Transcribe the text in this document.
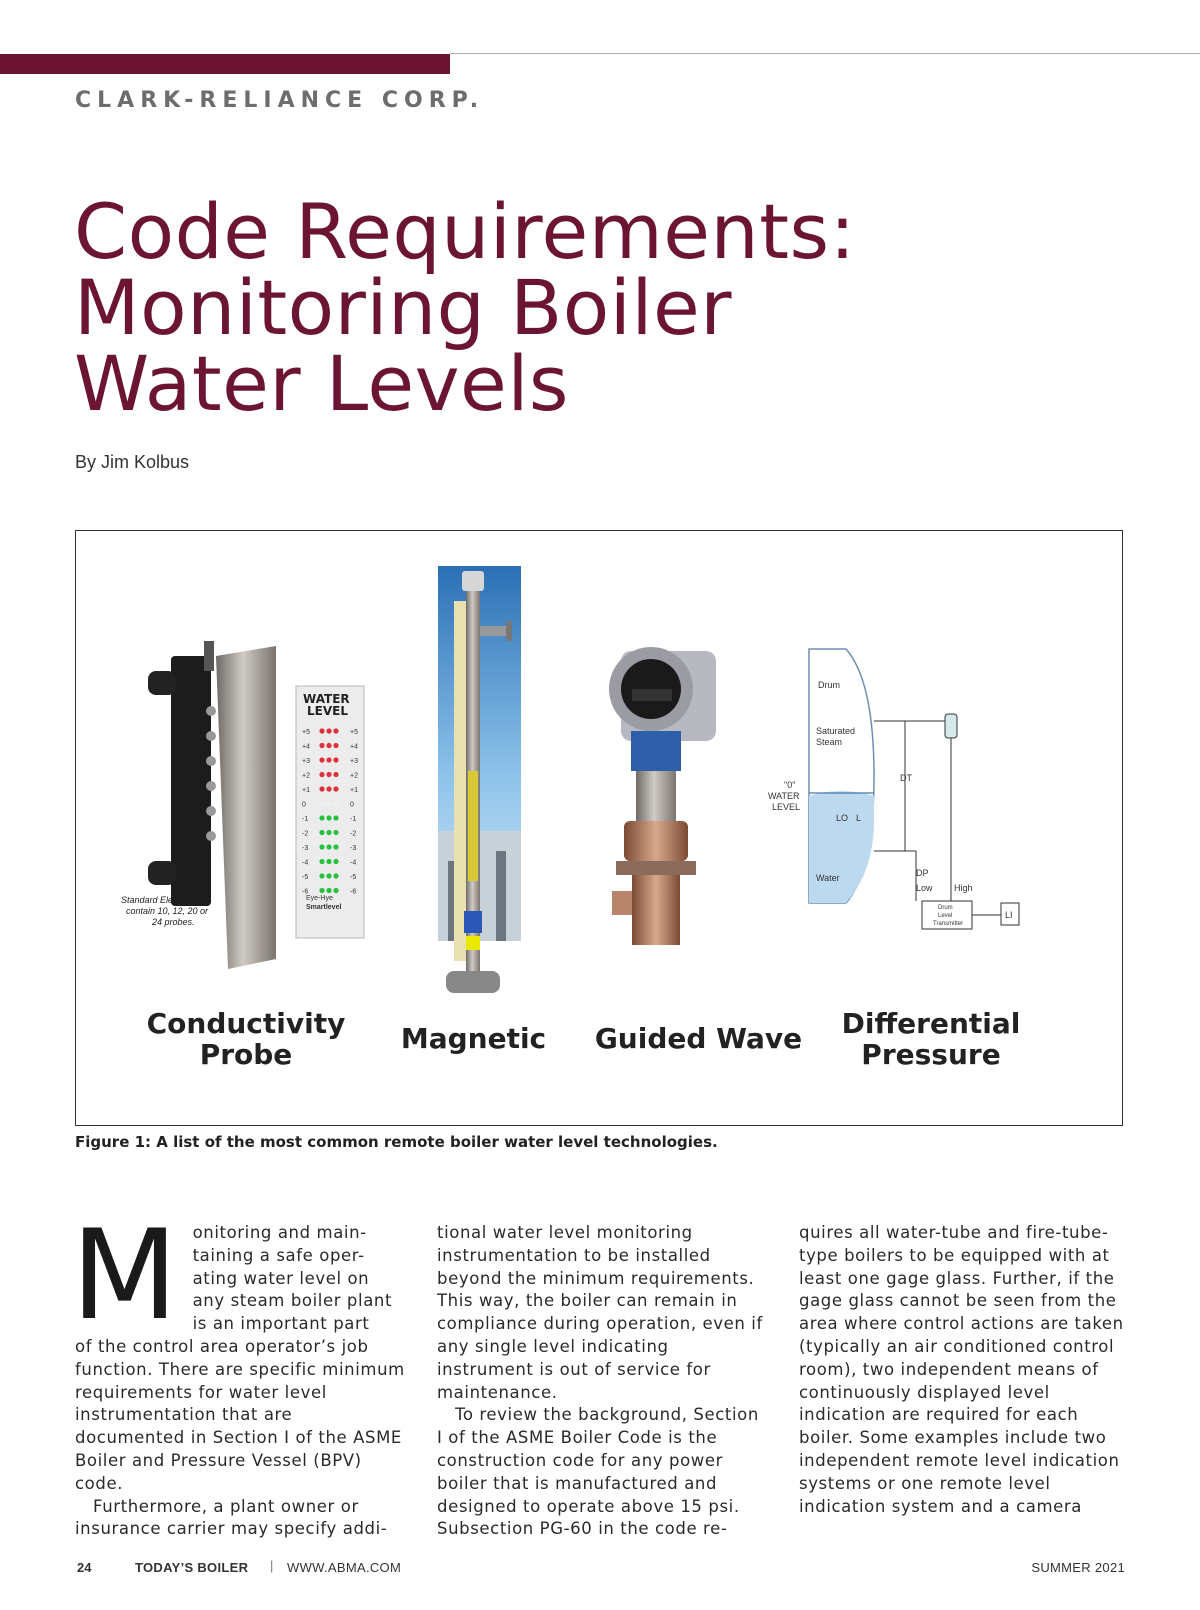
CLARK-RELIANCE CORP.
Code Requirements:
Monitoring Boiler
Water Levels
By Jim Kolbus
+5	+5
+4	+4
+3	+3
+2	+2
+1	+1
0	0
-1	-1
-2	-2
-3	-3
-4	-4
-5	-5
-6	-6
Drum
Saturated
Steam
"0"
WATER
LEVEL
LO L
DT
Water	DP
Low High
Drum
Level
Transmitter
LI
Standard Electrodes
contain 10, 12, 20 or
24 probes.
WATER
LEVEL
Eye-Hye
Smartlevel
Conductivity
Probe	Magnetic	Guided Wave	Differential
Pressure
Figure 1: A list of the most common remote boiler water level technologies.
M onitoring and main-
taining a safe oper-
ating water level on
any steam boiler plant
is an important part

of the control area operator’s job function. There are specific minimum requirements for water level instrumentation that are documented in Section I of the ASME Boiler and Pressure Vessel (BPV) code.

Furthermore, a plant owner or insurance carrier may specify addi-

tional water level monitoring instrumentation to be installed beyond the minimum requirements. This way, the boiler can remain in compliance during operation, even if any single level indicating instrument is out of service for maintenance.

To review the background, Section I of the ASME Boiler Code is the construction code for any power boiler that is manufactured and designed to operate above 15 psi. Subsection PG-60 in the code re-

quires all water-tube and fire-tube-type boilers to be equipped with at least one gage glass. Further, if the gage glass cannot be seen from the area where control actions are taken (typically an air conditioned control room), two independent means of continuously displayed level indication are required for each boiler. Some examples include two independent remote level indication systems or one remote level indication system and a camera

24	TODAY’S BOILER | WWW.ABMA.COM	SUMMER 2021
